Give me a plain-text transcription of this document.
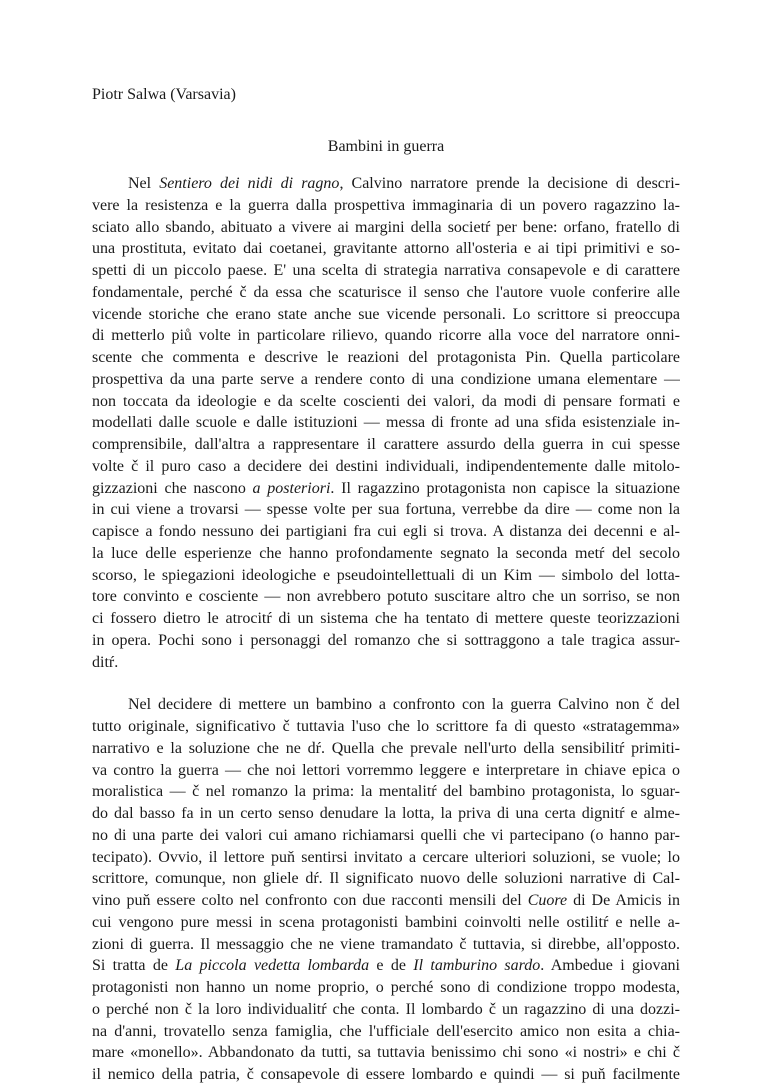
Piotr Salwa (Varsavia)

Bambini in guerra

Nel Sentiero dei nidi di ragno, Calvino narratore prende la decisione di descri-
vere la resistenza e la guerra dalla prospettiva immaginaria di un povero ragazzino la-
sciato allo sbando, abituato a vivere ai margini della societŕ per bene: orfano, fratello di
una prostituta, evitato dai coetanei, gravitante attorno all'osteria e ai tipi primitivi e so-
spetti di un piccolo paese. E' una scelta di strategia narrativa consapevole e di carattere
fondamentale, perché č da essa che scaturisce il senso che l'autore vuole conferire alle
vicende storiche che erano state anche sue vicende personali. Lo scrittore si preoccupa
di metterlo piů volte in particolare rilievo, quando ricorre alla voce del narratore onni-
scente che commenta e descrive le reazioni del protagonista Pin. Quella particolare
prospettiva da una parte serve a rendere conto di una condizione umana elementare —
non toccata da ideologie e da scelte coscienti dei valori, da modi di pensare formati e
modellati dalle scuole e dalle istituzioni — messa di fronte ad una sfida esistenziale in-
comprensibile, dall'altra a rappresentare il carattere assurdo della guerra in cui spesse
volte č il puro caso a decidere dei destini individuali, indipendentemente dalle mitolo-
gizzazioni che nascono a posteriori. Il ragazzino protagonista non capisce la situazione
in cui viene a trovarsi — spesse volte per sua fortuna, verrebbe da dire — come non la
capisce a fondo nessuno dei partigiani fra cui egli si trova. A distanza dei decenni e al-
la luce delle esperienze che hanno profondamente segnato la seconda metŕ del secolo
scorso, le spiegazioni ideologiche e pseudointellettuali di un Kim — simbolo del lotta-
tore convinto e cosciente — non avrebbero potuto suscitare altro che un sorriso, se non
ci fossero dietro le atrocitŕ di un sistema che ha tentato di mettere queste teorizzazioni
in opera. Pochi sono i personaggi del romanzo che si sottraggono a tale tragica assur-
ditŕ.
Nel decidere di mettere un bambino a confronto con la guerra Calvino non č del
tutto originale, significativo č tuttavia l'uso che lo scrittore fa di questo «stratagemma»
narrativo e la soluzione che ne dŕ. Quella che prevale nell'urto della sensibilitŕ primiti-
va contro la guerra — che noi lettori vorremmo leggere e interpretare in chiave epica o
moralistica — č nel romanzo la prima: la mentalitŕ del bambino protagonista, lo sguar-
do dal basso fa in un certo senso denudare la lotta, la priva di una certa dignitŕ e alme-
no di una parte dei valori cui amano richiamarsi quelli che vi partecipano (o hanno par-
tecipato). Ovvio, il lettore puň sentirsi invitato a cercare ulteriori soluzioni, se vuole; lo
scrittore, comunque, non gliele dŕ. Il significato nuovo delle soluzioni narrative di Cal-
vino puň essere colto nel confronto con due racconti mensili del Cuore di De Amicis in
cui vengono pure messi in scena protagonisti bambini coinvolti nelle ostilitŕ e nelle a-
zioni di guerra. Il messaggio che ne viene tramandato č tuttavia, si direbbe, all'opposto.
Si tratta de La piccola vedetta lombarda e de Il tamburino sardo. Ambedue i giovani
protagonisti non hanno un nome proprio, o perché sono di condizione troppo modesta,
o perché non č la loro individualitŕ che conta. Il lombardo č un ragazzino di una dozzi-
na d'anni, trovatello senza famiglia, che l'ufficiale dell'esercito amico non esita a chia-
mare «monello». Abbandonato da tutti, sa tuttavia benissimo chi sono «i nostri» e chi č
il nemico della patria, č consapevole di essere lombardo e quindi — si puň facilmente
